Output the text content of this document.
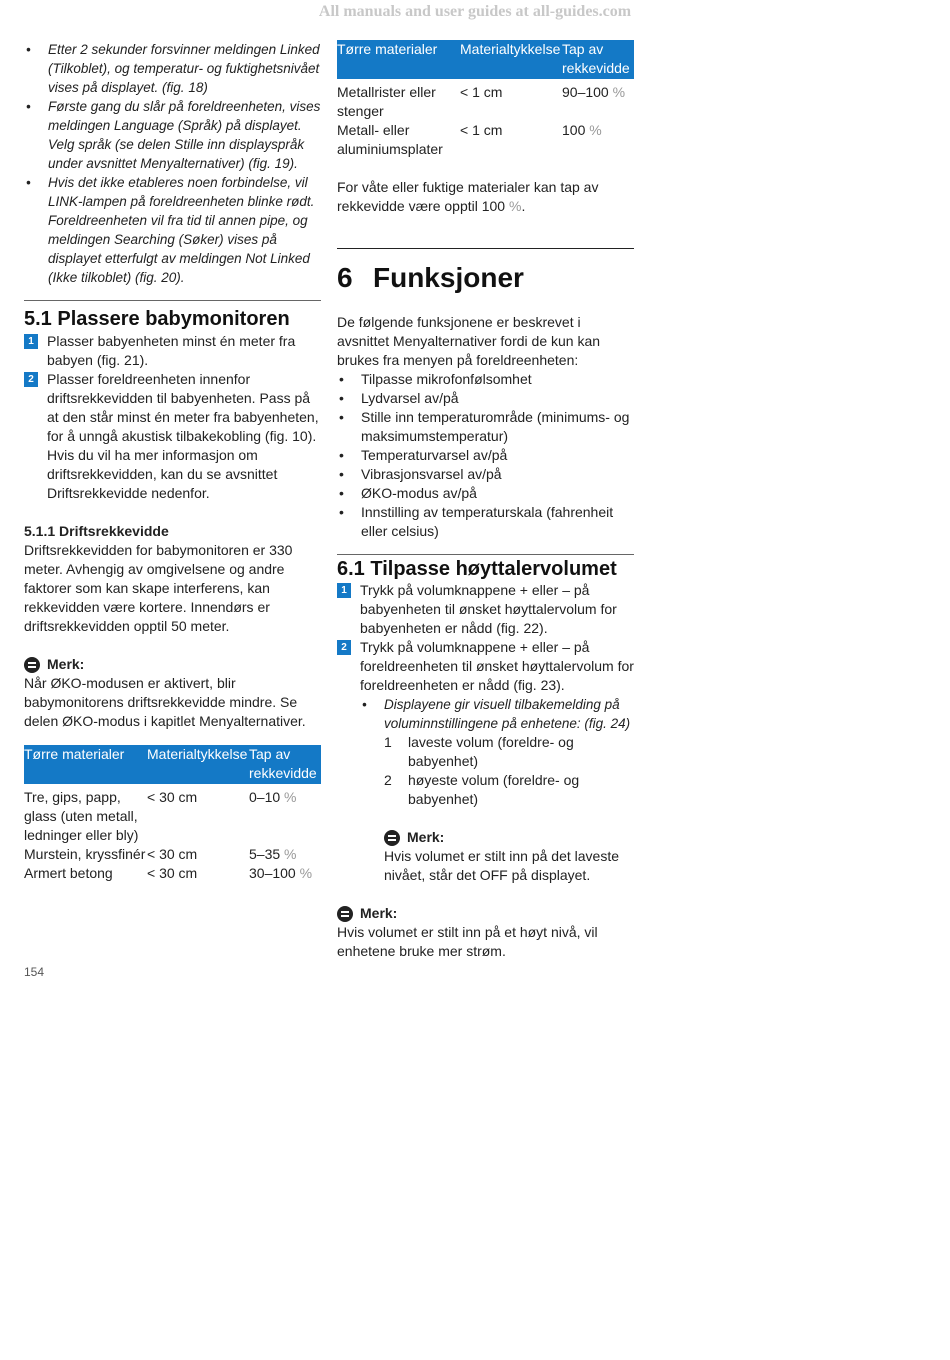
All manuals and user guides at all-guides.com
• Etter 2 sekunder forsvinner meldingen Linked (Tilkoblet), og temperatur- og fuktighetsnivået vises på displayet. (fig. 18)
• Første gang du slår på foreldreenheten, vises meldingen Language (Språk) på displayet. Velg språk (se delen Stille inn displayspråk under avsnittet Menyalternativer) (fig. 19).
• Hvis det ikke etableres noen forbindelse, vil LINK-lampen på foreldreenheten blinke rødt. Foreldreenheten vil fra tid til annen pipe, og meldingen Searching (Søker) vises på displayet etterfulgt av meldingen Not Linked (Ikke tilkoblet) (fig. 20).
5.1 Plassere babymonitoren
1 Plasser babyenheten minst én meter fra babyen (fig. 21).
2 Plasser foreldreenheten innenfor driftsrekkevidden til babyenheten. Pass på at den står minst én meter fra babyenheten, for å unngå akustisk tilbakekobling (fig. 10).

Hvis du vil ha mer informasjon om driftsrekkevidden, kan du se avsnittet Driftsrekkevidde nedenfor.

5.1.1 Driftsrekkevidde

Driftsrekkevidden for babymonitoren er 330 meter. Avhengig av omgivelsene og andre faktorer som kan skape interferens, kan rekkevidden være kortere. Innendørs er driftsrekkevidden opptil 50 meter.

Merk:

Når ØKO-modusen er aktivert, blir babymonitorens driftsrekkevidde mindre. Se delen ØKO-modus i kapitlet Menyalternativer.

Tørre materialer	Materialtykkelse	Tap av rekkevidde
Tre, gips, papp, glass (uten metall, ledninger eller bly)	< 30 cm	0–10 %
Murstein, kryssfinér	< 30 cm	5–35 %
Armert betong	< 30 cm	30–100 %
154
Tørre materialer	Materialtykkelse	Tap av rekkevidde
Metallrister eller stenger	< 1 cm	90–100 %
Metall- eller aluminiumsplater	< 1 cm	100 %

For våte eller fuktige materialer kan tap av rekkevidde være opptil 100 %.

6 Funksjoner

De følgende funksjonene er beskrevet i avsnittet Menyalternativer fordi de kun kan brukes fra menyen på foreldreenheten:

• Tilpasse mikrofonfølsomhet
• Lydvarsel av/på
• Stille inn temperaturområde (minimums- og maksimumstemperatur)
• Temperaturvarsel av/på
• Vibrasjonsvarsel av/på
• ØKO-modus av/på
• Innstilling av temperaturskala (fahrenheit eller celsius)
6.1 Tilpasse høyttalervolumet
1 Trykk på volumknappene + eller – på babyenheten til ønsket høyttalervolum for babyenheten er nådd (fig. 22).
2 Trykk på volumknappene + eller – på foreldreenheten til ønsket høyttalervolum for foreldreenheten er nådd (fig. 23).
• Displayene gir visuell tilbakemelding på voluminnstillingene på enhetene: (fig. 24)
1 laveste volum (foreldre- og babyenhet)
2 høyeste volum (foreldre- og babyenhet)
Merk:

Hvis volumet er stilt inn på det laveste nivået, står det OFF på displayet.

Merk:

Hvis volumet er stilt inn på et høyt nivå, vil enhetene bruke mer strøm.
